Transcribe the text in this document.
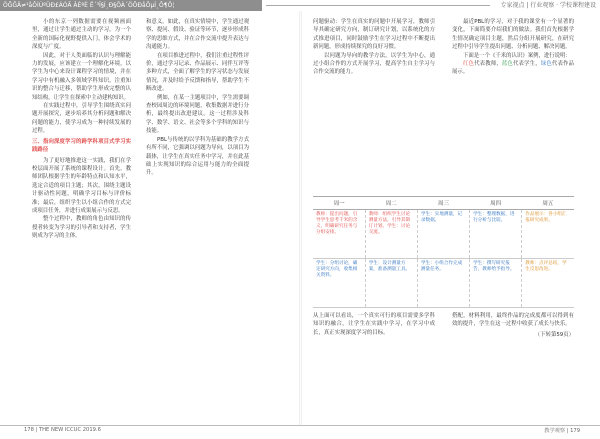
ÖĞĞÄ≠¹åÔÍÚºÜÐ£ÁÓÃ ÂÈºÈ Ë´³Î§Í¸Ð§ÕÀ´ÖÕÐåÔµÍ¸Ô¶Ö¦	专家视点 | 行业观察 · 学校课程建设

小的东京一列数据需要在视频画面里，通过让学生通过主动的学习，为一个全新的国际化视野提供入门，体会学术的深度与广度。

因此，对于人类面临的认识与理解能力的发展，应该建立一个理解化环境，以学生为中心来设计课程学习的情境，并在学习中有机融入多领域学科知识，注重知识的整合与迁移，帮助学生形成完整的认知结构，让学生在探索中主动建构知识。

在实践过程中，引导学生围绕真实问题开展探究，逐步培养其分析问题和解决问题的能力，使学习成为一种持续发展的过程。

三、指向深度学习的跨学科项目式学习实践路径

为了更好地推进这一实践，我们在学校层面开展了系统的课程设计。首先，教师团队根据学生的年龄特点和认知水平，选定合适的项目主题；其次，围绕主题设计驱动性问题，明确学习目标与评价标准；最后，组织学生以小组合作的方式完成项目任务，并进行成果展示与反思。

整个过程中，教师的角色由知识的传授者转变为学习的引导者和支持者，学生则成为学习的主体。

和意义。如此，在真实情境中，学生通过观察、提问、假设、验证等环节，逐步形成科学的思维方式，并在合作交流中提升表达与沟通能力。

在项目推进过程中，我们注重过程性评价，通过学习记录、作品展示、同伴互评等多种方式，全面了解学生的学习状态与发展情况，并及时给予反馈和指导，帮助学生不断改进。

例如，在某一主题项目中，学生需要调查校园周边的环境问题，收集数据并进行分析，最终提出改进建议。这一过程涉及科学、数学、语文、社会等多个学科的知识与技能。

PBL与传统的以学科为基础的教学方式有所不同，它强调以问题为导向，以项目为载体，让学生在真实任务中学习，并在此基础上实现知识的综合运用与能力的全面提升。

问题驱动：学生在真实的问题中开展学习，教师引导其确定研究方向，制订研究计划，以系统化的方式推进项目，同时鼓励学生在学习过程中不断提出新问题，形成持续探究的良好习惯。

以问题为导向的教学方法，以学生为中心，通过小组合作的方式开展学习，提高学生自主学习与合作交流的能力。

最近PBL的学习，对于我的课堂有一个显著的变化，下面简要介绍我们的做法。我们首先根据学生情况确定项目主题，然后分组开展研究，在研究过程中引导学生提出问题、分析问题、解决问题。

下面是一个《千米的认识》案例，进行说明：

红色代表教师，蓝色代表学生，绿色代表作品展示。

周一	周二	周三	周四	周五
教师：提出问题，引导学生思考千米的含义，明确研究任务与分组安排。	教师：组织学生讨论测量方法，引导其制订计划。学生：讨论交流。	学生：实地测量，记录数据。	学生：整理数据，进行分析与比较。	作品展示：各小组汇报研究成果。
学生：分组讨论，确定研究方向，收集相关资料。	学生：设计测量方案，准备测量工具。	学生：小组合作完成测量任务。	学生：撰写研究报告，教师给予指导。	教师：点评总结，学生反思改进。

从上面可以看出，一个真实可行的项目需要多学科知识的融合，让学生在实践中学习，在学习中成长，真正实现深度学习的目标。

搭配，材料利用，最终作品的完成度都可以得到有效的提升，学生在这一过程中收获了成长与快乐。

（下转第59页）

178 | THE NEW ICCUC 2019.6	教学观察 | 179
